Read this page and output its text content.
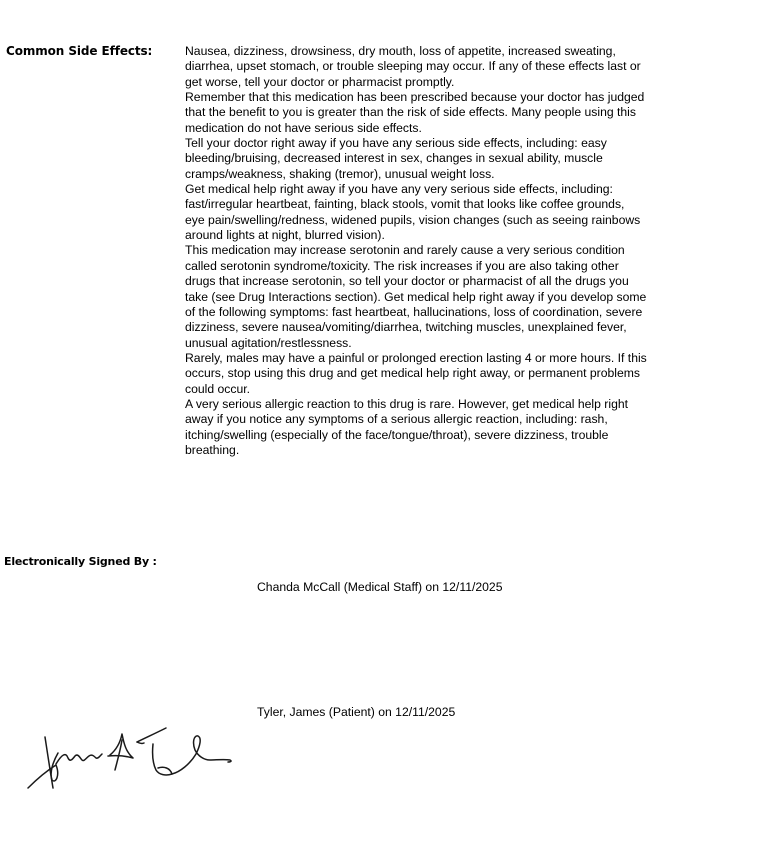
Common Side Effects:	Nausea, dizziness, drowsiness, dry mouth, loss of appetite, increased sweating, diarrhea, upset stomach, or trouble sleeping may occur. If any of these effects last or get worse, tell your doctor or pharmacist promptly.

Remember that this medication has been prescribed because your doctor has judged that the benefit to you is greater than the risk of side effects. Many people using this medication do not have serious side effects.

Tell your doctor right away if you have any serious side effects, including: easy bleeding/bruising, decreased interest in sex, changes in sexual ability, muscle cramps/weakness, shaking (tremor), unusual weight loss.

Get medical help right away if you have any very serious side effects, including: fast/irregular heartbeat, fainting, black stools, vomit that looks like coffee grounds, eye pain/swelling/redness, widened pupils, vision changes (such as seeing rainbows around lights at night, blurred vision).

This medication may increase serotonin and rarely cause a very serious condition called serotonin syndrome/toxicity. The risk increases if you are also taking other drugs that increase serotonin, so tell your doctor or pharmacist of all the drugs you take (see Drug Interactions section). Get medical help right away if you develop some of the following symptoms: fast heartbeat, hallucinations, loss of coordination, severe dizziness, severe nausea/vomiting/diarrhea, twitching muscles, unexplained fever, unusual agitation/restlessness.

Rarely, males may have a painful or prolonged erection lasting 4 or more hours. If this occurs, stop using this drug and get medical help right away, or permanent problems could occur.

A very serious allergic reaction to this drug is rare. However, get medical help right away if you notice any symptoms of a serious allergic reaction, including: rash, itching/swelling (especially of the face/tongue/throat), severe dizziness, trouble breathing.

Electronically Signed By :
Chanda McCall (Medical Staff) on 12/11/2025
Tyler, James (Patient) on 12/11/2025
